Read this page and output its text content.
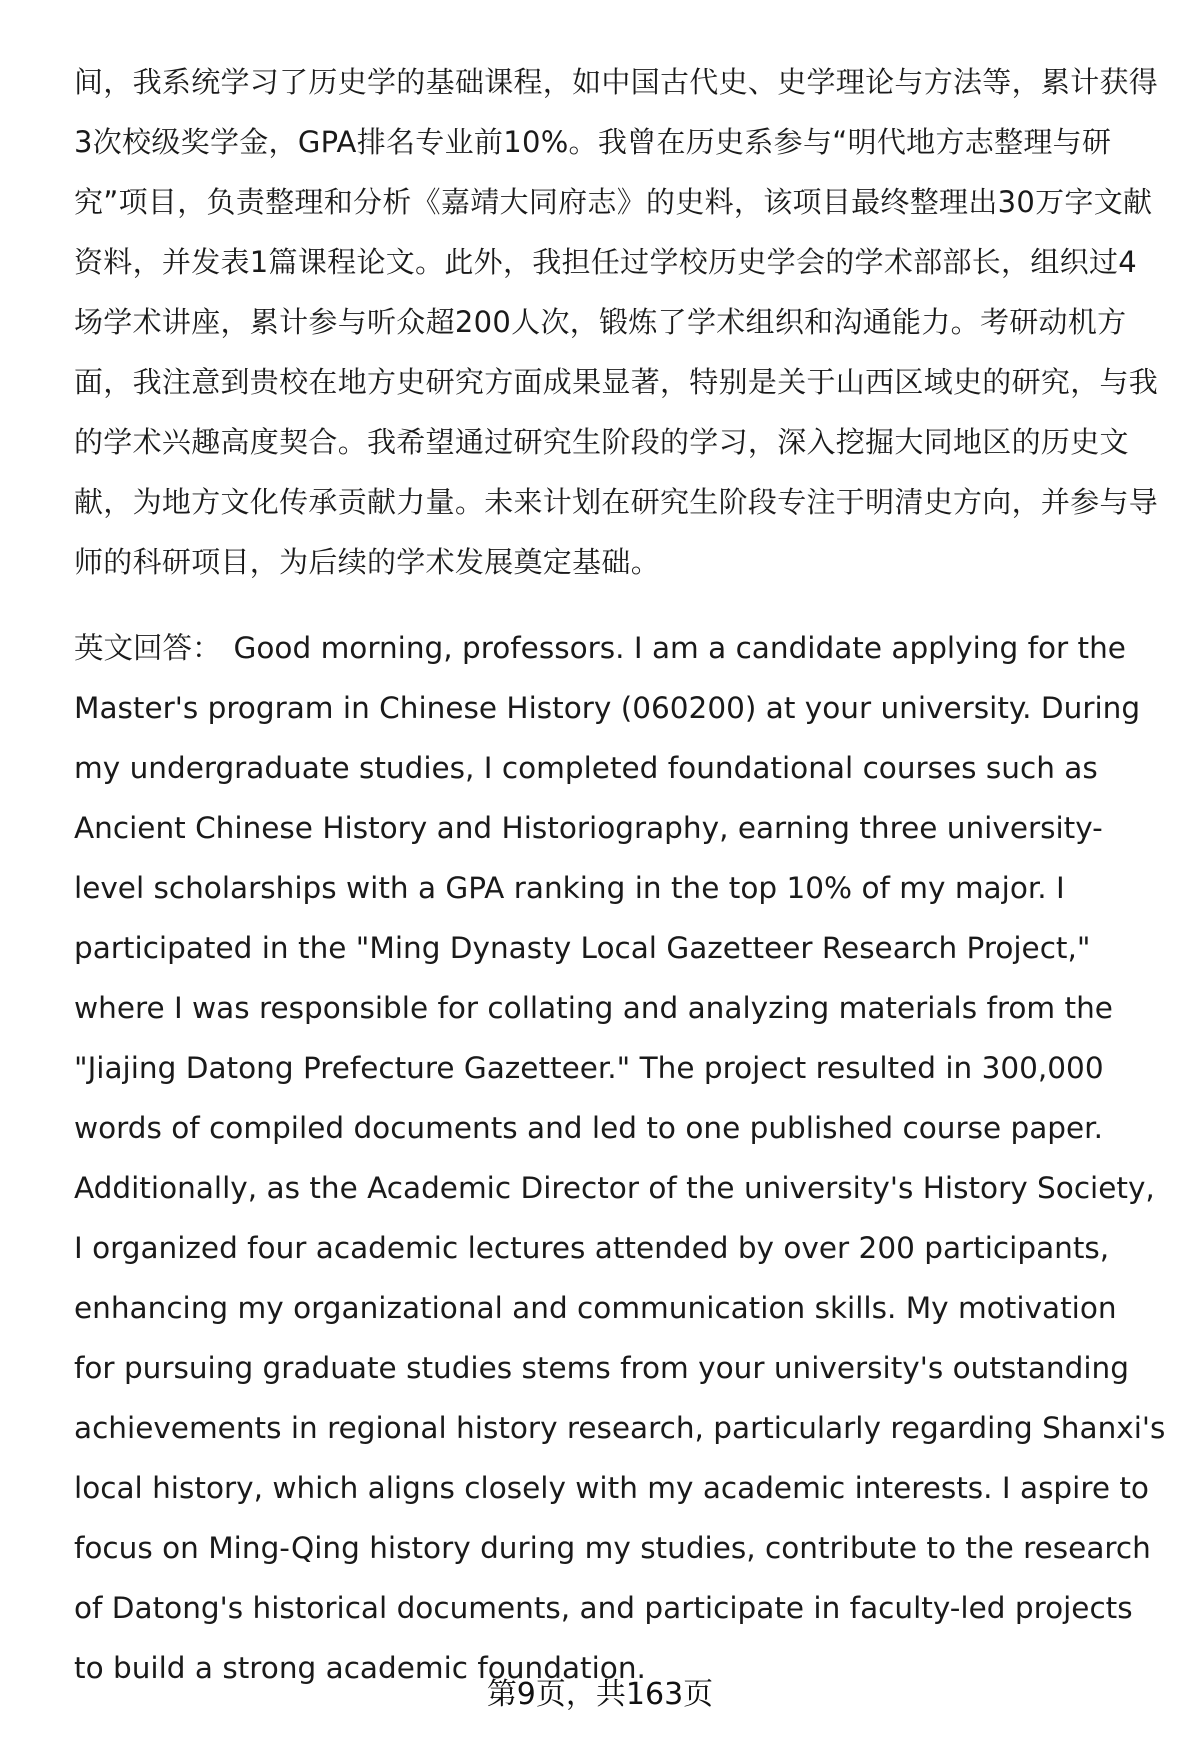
​

间，我系统学习了历史学的基础课程，如中国古代史、史学理论与方法等，累计获得3次校级奖学金，GPA排名专业前10%。我曾在历史系参与“明代地方志整理与研究”项目，负责整理和分析《嘉靖大同府志》的史料，该项目最终整理出30万字文献资料，并发表1篇课程论文。此外，我担任过学校历史学会的学术部部长，组织过4场学术讲座，累计参与听众超200人次，锻炼了学术组织和沟通能力。考研动机方面，我注意到贵校在地方史研究方面成果显著，特别是关于山西区域史的研究，与我的学术兴趣高度契合。我希望通过研究生阶段的学习，深入挖掘大同地区的历史文献，为地方文化传承贡献力量。未来计划在研究生阶段专注于明清史方向，并参与导师的科研项目，为后续的学术发展奠定基础。

英文回答： Good morning, professors. I am a candidate applying for the Master's program in Chinese History (060200) at your university. During my undergraduate studies, I completed foundational courses such as Ancient Chinese History and Historiography, earning three university-level scholarships with a GPA ranking in the top 10% of my major. I participated in the "Ming Dynasty Local Gazetteer Research Project," where I was responsible for collating and analyzing materials from the "Jiajing Datong Prefecture Gazetteer." The project resulted in 300,000 words of compiled documents and led to one published course paper. Additionally, as the Academic Director of the university's History Society, I organized four academic lectures attended by over 200 participants, enhancing my organizational and communication skills. My motivation for pursuing graduate studies stems from your university's outstanding achievements in regional history research, particularly regarding Shanxi's local history, which aligns closely with my academic interests. I aspire to focus on Ming-Qing history during my studies, contribute to the research of Datong's historical documents, and participate in faculty-led projects to build a strong academic foundation.

第9页，共163页
